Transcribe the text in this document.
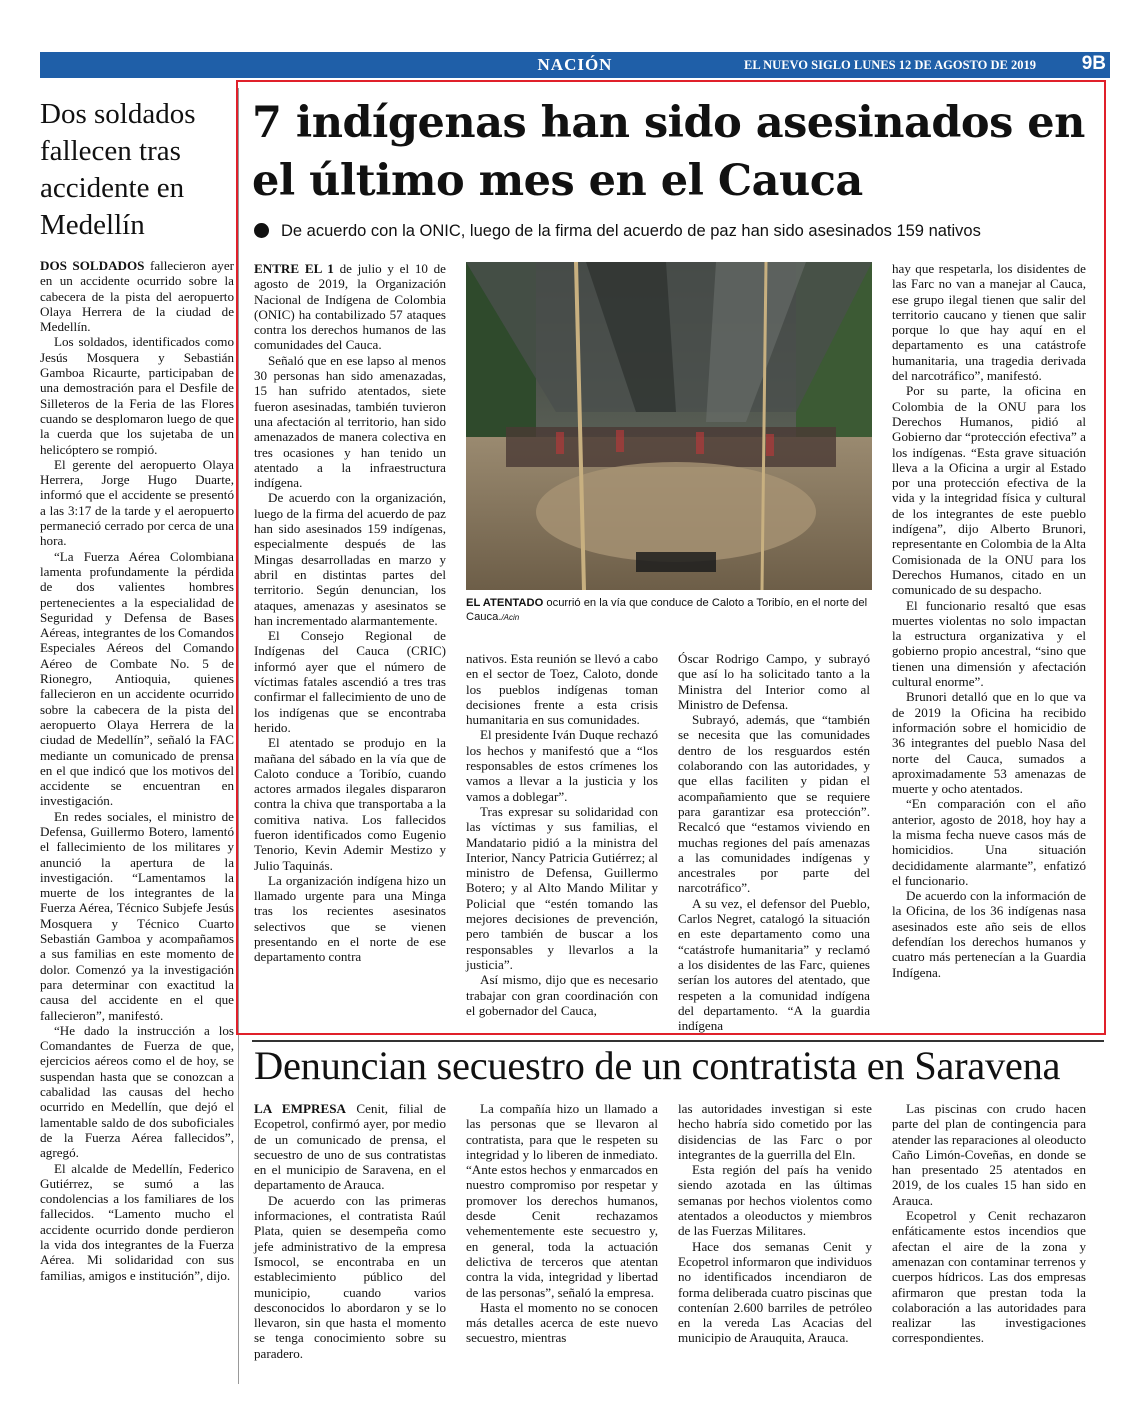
NACIÓN	EL NUEVO SIGLO LUNES 12 DE AGOSTO DE 2019 9B
Dos soldados fallecen tras accidente en Medellín

DOS SOLDADOS fallecieron ayer en un accidente ocurrido sobre la cabecera de la pista del aeropuerto Olaya Herrera de la ciudad de Medellín.

Los soldados, identificados como Jesús Mosquera y Sebastián Gamboa Ricaurte, participaban de una demostración para el Desfile de Silleteros de la Feria de las Flores cuando se desplomaron luego de que la cuerda que los sujetaba de un helicóptero se rompió.

El gerente del aeropuerto Olaya Herrera, Jorge Hugo Duarte, informó que el accidente se presentó a las 3:17 de la tarde y el aeropuerto permaneció cerrado por cerca de una hora.

“La Fuerza Aérea Colombiana lamenta profundamente la pérdida de dos valientes hombres pertenecientes a la especialidad de Seguridad y Defensa de Bases Aéreas, integrantes de los Comandos Especiales Aéreos del Comando Aéreo de Combate No. 5 de Rionegro, Antioquia, quienes fallecieron en un accidente ocurrido sobre la cabecera de la pista del aeropuerto Olaya Herrera de la ciudad de Medellín”, señaló la FAC mediante un comunicado de prensa en el que indicó que los motivos del accidente se encuentran en investigación.

En redes sociales, el ministro de Defensa, Guillermo Botero, lamentó el fallecimiento de los militares y anunció la apertura de la investigación. “Lamentamos la muerte de los integrantes de la Fuerza Aérea, Técnico Subjefe Jesús Mosquera y Técnico Cuarto Sebastián Gamboa y acompañamos a sus familias en este momento de dolor. Comenzó ya la investigación para determinar con exactitud la causa del accidente en el que fallecieron”, manifestó.

“He dado la instrucción a los Comandantes de Fuerza de que, ejercicios aéreos como el de hoy, se suspendan hasta que se conozcan a cabalidad las causas del hecho ocurrido en Medellín, que dejó el lamentable saldo de dos suboficiales de la Fuerza Aérea fallecidos”, agregó.

El alcalde de Medellín, Federico Gutiérrez, se sumó a las condolencias a los familiares de los fallecidos. “Lamento mucho el accidente ocurrido donde perdieron la vida dos integrantes de la Fuerza Aérea. Mi solidaridad con sus familias, amigos e institución”, dijo.

7 indígenas han sido asesinados en el último mes en el Cauca
De acuerdo con la ONIC, luego de la firma del acuerdo de paz han sido asesinados 159 nativos

ENTRE EL 1 de julio y el 10 de agosto de 2019, la Organización Nacional de Indígena de Colombia (ONIC) ha contabilizado 57 ataques contra los derechos humanos de las comunidades del Cauca.

Señaló que en ese lapso al menos 30 personas han sido amenazadas, 15 han sufrido atentados, siete fueron asesinadas, también tuvieron una afectación al territorio, han sido amenazados de manera colectiva en tres ocasiones y han tenido un atentado a la infraestructura indígena.

De acuerdo con la organización, luego de la firma del acuerdo de paz han sido asesinados 159 indígenas, especialmente después de las Mingas desarrolladas en marzo y abril en distintas partes del territorio. Según denuncian, los ataques, amenazas y asesinatos se han incrementado alarmantemente.

El Consejo Regional de Indígenas del Cauca (CRIC) informó ayer que el número de víctimas fatales ascendió a tres tras confirmar el fallecimiento de uno de los indígenas que se encontraba herido.

El atentado se produjo en la mañana del sábado en la vía que de Caloto conduce a Toribío, cuando actores armados ilegales dispararon contra la chiva que transportaba a la comitiva nativa. Los fallecidos fueron identificados como Eugenio Tenorio, Kevin Ademir Mestizo y Julio Taquinás.

La organización indígena hizo un llamado urgente para una Minga tras los recientes asesinatos selectivos que se vienen presentando en el norte de ese departamento contra

EL ATENTADO ocurrió en la vía que conduce de Caloto a Toribío, en el norte del Cauca./Acin

nativos. Esta reunión se llevó a cabo en el sector de Toez, Caloto, donde los pueblos indígenas toman decisiones frente a esta crisis humanitaria en sus comunidades.

El presidente Iván Duque rechazó los hechos y manifestó que a “los responsables de estos crímenes los vamos a llevar a la justicia y los vamos a doblegar”.

Tras expresar su solidaridad con las víctimas y sus familias, el Mandatario pidió a la ministra del Interior, Nancy Patricia Gutiérrez; al ministro de Defensa, Guillermo Botero; y al Alto Mando Militar y Policial que “estén tomando las mejores decisiones de prevención, pero también de buscar a los responsables y llevarlos a la justicia”.

Así mismo, dijo que es necesario trabajar con gran coordinación con el gobernador del Cauca,

Óscar Rodrigo Campo, y subrayó que así lo ha solicitado tanto a la Ministra del Interior como al Ministro de Defensa.

Subrayó, además, que “también se necesita que las comunidades dentro de los resguardos estén colaborando con las autoridades, y que ellas faciliten y pidan el acompañamiento que se requiere para garantizar esa protección”. Recalcó que “estamos viviendo en muchas regiones del país amenazas a las comunidades indígenas y ancestrales por parte del narcotráfico”.

A su vez, el defensor del Pueblo, Carlos Negret, catalogó la situación en este departamento como una “catástrofe humanitaria” y reclamó a los disidentes de las Farc, quienes serían los autores del atentado, que respeten a la comunidad indígena del departamento. “A la guardia indígena

hay que respetarla, los disidentes de las Farc no van a manejar al Cauca, ese grupo ilegal tienen que salir del territorio caucano y tienen que salir porque lo que hay aquí en el departamento es una catástrofe humanitaria, una tragedia derivada del narcotráfico”, manifestó.

Por su parte, la oficina en Colombia de la ONU para los Derechos Humanos, pidió al Gobierno dar “protección efectiva” a los indígenas. “Esta grave situación lleva a la Oficina a urgir al Estado por una protección efectiva de la vida y la integridad física y cultural de los integrantes de este pueblo indígena”, dijo Alberto Brunori, representante en Colombia de la Alta Comisionada de la ONU para los Derechos Humanos, citado en un comunicado de su despacho.

El funcionario resaltó que esas muertes violentas no solo impactan la estructura organizativa y el gobierno propio ancestral, “sino que tienen una dimensión y afectación cultural enorme”.

Brunori detalló que en lo que va de 2019 la Oficina ha recibido información sobre el homicidio de 36 integrantes del pueblo Nasa del norte del Cauca, sumados a aproximadamente 53 amenazas de muerte y ocho atentados.

“En comparación con el año anterior, agosto de 2018, hoy hay a la misma fecha nueve casos más de homicidios. Una situación decididamente alarmante”, enfatizó el funcionario.

De acuerdo con la información de la Oficina, de los 36 indígenas nasa asesinados este año seis de ellos defendían los derechos humanos y cuatro más pertenecían a la Guardia Indígena.

Denuncian secuestro de un contratista en Saravena

LA EMPRESA Cenit, filial de Ecopetrol, confirmó ayer, por medio de un comunicado de prensa, el secuestro de uno de sus contratistas en el municipio de Saravena, en el departamento de Arauca.

De acuerdo con las primeras informaciones, el contratista Raúl Plata, quien se desempeña como jefe administrativo de la empresa Ismocol, se encontraba en un establecimiento público del municipio, cuando varios desconocidos lo abordaron y se lo llevaron, sin que hasta el momento se tenga conocimiento sobre su paradero.

La compañía hizo un llamado a las personas que se llevaron al contratista, para que le respeten su integridad y lo liberen de inmediato. “Ante estos hechos y enmarcados en nuestro compromiso por respetar y promover los derechos humanos, desde Cenit rechazamos vehementemente este secuestro y, en general, toda la actuación delictiva de terceros que atentan contra la vida, integridad y libertad de las personas”, señaló la empresa.

Hasta el momento no se conocen más detalles acerca de este nuevo secuestro, mientras

las autoridades investigan si este hecho habría sido cometido por las disidencias de las Farc o por integrantes de la guerrilla del Eln.

Esta región del país ha venido siendo azotada en las últimas semanas por hechos violentos como atentados a oleoductos y miembros de las Fuerzas Militares.

Hace dos semanas Cenit y Ecopetrol informaron que individuos no identificados incendiaron de forma deliberada cuatro piscinas que contenían 2.600 barriles de petróleo en la vereda Las Acacias del municipio de Arauquita, Arauca.

Las piscinas con crudo hacen parte del plan de contingencia para atender las reparaciones al oleoducto Caño Limón-Coveñas, en donde se han presentado 25 atentados en 2019, de los cuales 15 han sido en Arauca.

Ecopetrol y Cenit rechazaron enfáticamente estos incendios que afectan el aire de la zona y amenazan con contaminar terrenos y cuerpos hídricos. Las dos empresas afirmaron que prestan toda la colaboración a las autoridades para realizar las investigaciones correspondientes.
